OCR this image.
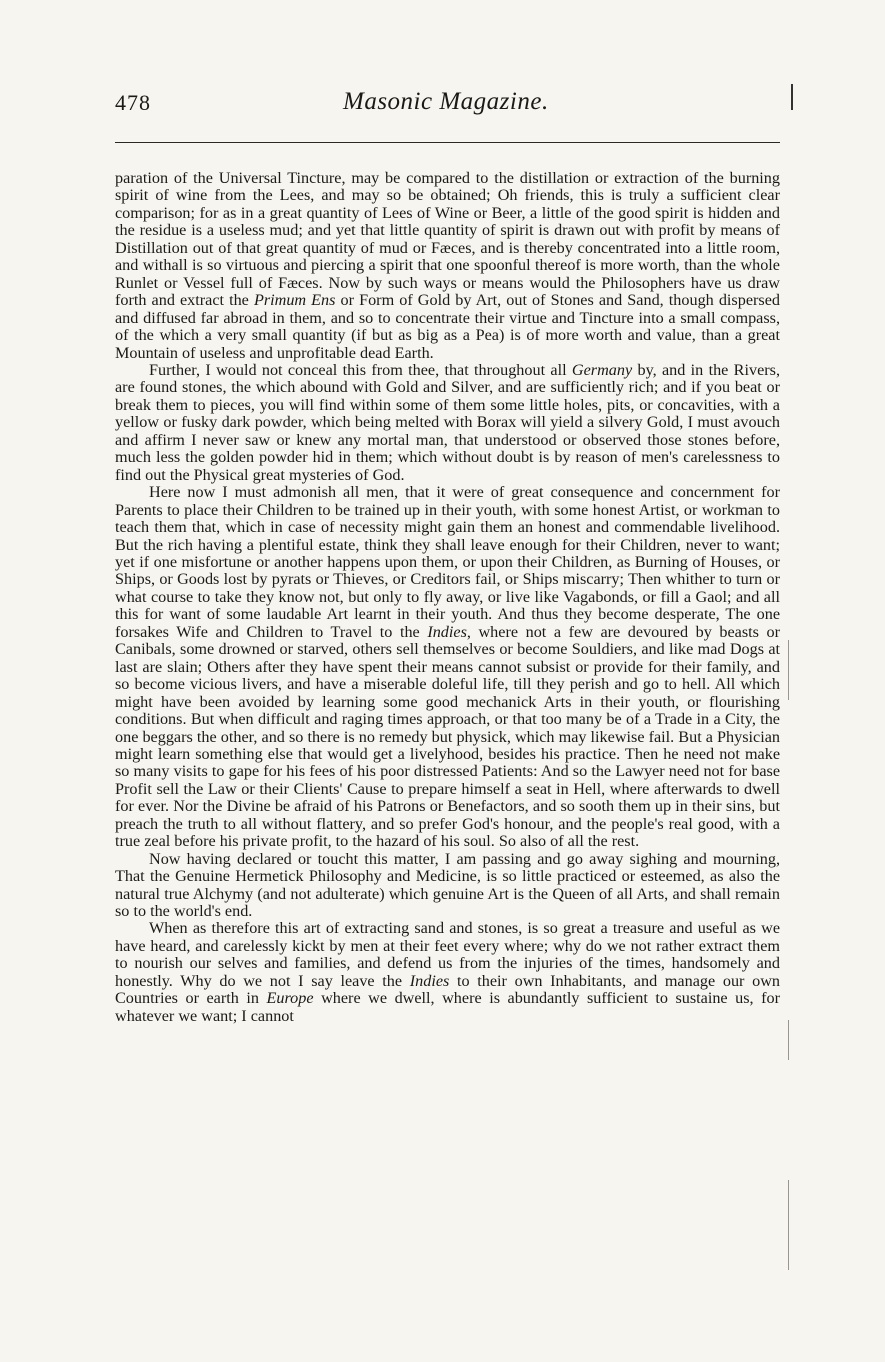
478	Masonic Magazine.

paration of the Universal Tincture, may be compared to the distillation or extraction of the burning spirit of wine from the Lees, and may so be obtained; Oh friends, this is truly a sufficient clear comparison; for as in a great quantity of Lees of Wine or Beer, a little of the good spirit is hidden and the residue is a useless mud; and yet that little quantity of spirit is drawn out with profit by means of Distillation out of that great quantity of mud or Fæces, and is thereby concentrated into a little room, and withall is so virtuous and piercing a spirit that one spoonful thereof is more worth, than the whole Runlet or Vessel full of Fæces. Now by such ways or means would the Philosophers have us draw forth and extract the Primum Ens or Form of Gold by Art, out of Stones and Sand, though dispersed and diffused far abroad in them, and so to concentrate their virtue and Tincture into a small compass, of the which a very small quantity (if but as big as a Pea) is of more worth and value, than a great Mountain of useless and unprofitable dead Earth.

Further, I would not conceal this from thee, that throughout all Germany by, and in the Rivers, are found stones, the which abound with Gold and Silver, and are sufficiently rich; and if you beat or break them to pieces, you will find within some of them some little holes, pits, or concavities, with a yellow or fusky dark powder, which being melted with Borax will yield a silvery Gold, I must avouch and affirm I never saw or knew any mortal man, that understood or observed those stones before, much less the golden powder hid in them; which without doubt is by reason of men's carelessness to find out the Physical great mysteries of God.

Here now I must admonish all men, that it were of great consequence and concernment for Parents to place their Children to be trained up in their youth, with some honest Artist, or workman to teach them that, which in case of necessity might gain them an honest and commendable livelihood. But the rich having a plentiful estate, think they shall leave enough for their Children, never to want; yet if one misfortune or another happens upon them, or upon their Children, as Burning of Houses, or Ships, or Goods lost by pyrats or Thieves, or Creditors fail, or Ships miscarry; Then whither to turn or what course to take they know not, but only to fly away, or live like Vagabonds, or fill a Gaol; and all this for want of some laudable Art learnt in their youth. And thus they become desperate, The one forsakes Wife and Children to Travel to the Indies, where not a few are devoured by beasts or Canibals, some drowned or starved, others sell themselves or become Souldiers, and like mad Dogs at last are slain; Others after they have spent their means cannot subsist or provide for their family, and so become vicious livers, and have a miserable doleful life, till they perish and go to hell. All which might have been avoided by learning some good mechanick Arts in their youth, or flourishing conditions. But when difficult and raging times approach, or that too many be of a Trade in a City, the one beggars the other, and so there is no remedy but physick, which may likewise fail. But a Physician might learn something else that would get a livelyhood, besides his practice. Then he need not make so many visits to gape for his fees of his poor distressed Patients: And so the Lawyer need not for base Profit sell the Law or their Clients' Cause to prepare himself a seat in Hell, where afterwards to dwell for ever. Nor the Divine be afraid of his Patrons or Benefactors, and so sooth them up in their sins, but preach the truth to all without flattery, and so prefer God's honour, and the people's real good, with a true zeal before his private profit, to the hazard of his soul. So also of all the rest.

Now having declared or toucht this matter, I am passing and go away sighing and mourning, That the Genuine Hermetick Philosophy and Medicine, is so little practiced or esteemed, as also the natural true Alchymy (and not adulterate) which genuine Art is the Queen of all Arts, and shall remain so to the world's end.

When as therefore this art of extracting sand and stones, is so great a treasure and useful as we have heard, and carelessly kickt by men at their feet every where; why do we not rather extract them to nourish our selves and families, and defend us from the injuries of the times, handsomely and honestly. Why do we not I say leave the Indies to their own Inhabitants, and manage our own Countries or earth in Europe where we dwell, where is abundantly sufficient to sustaine us, for whatever we want; I cannot
